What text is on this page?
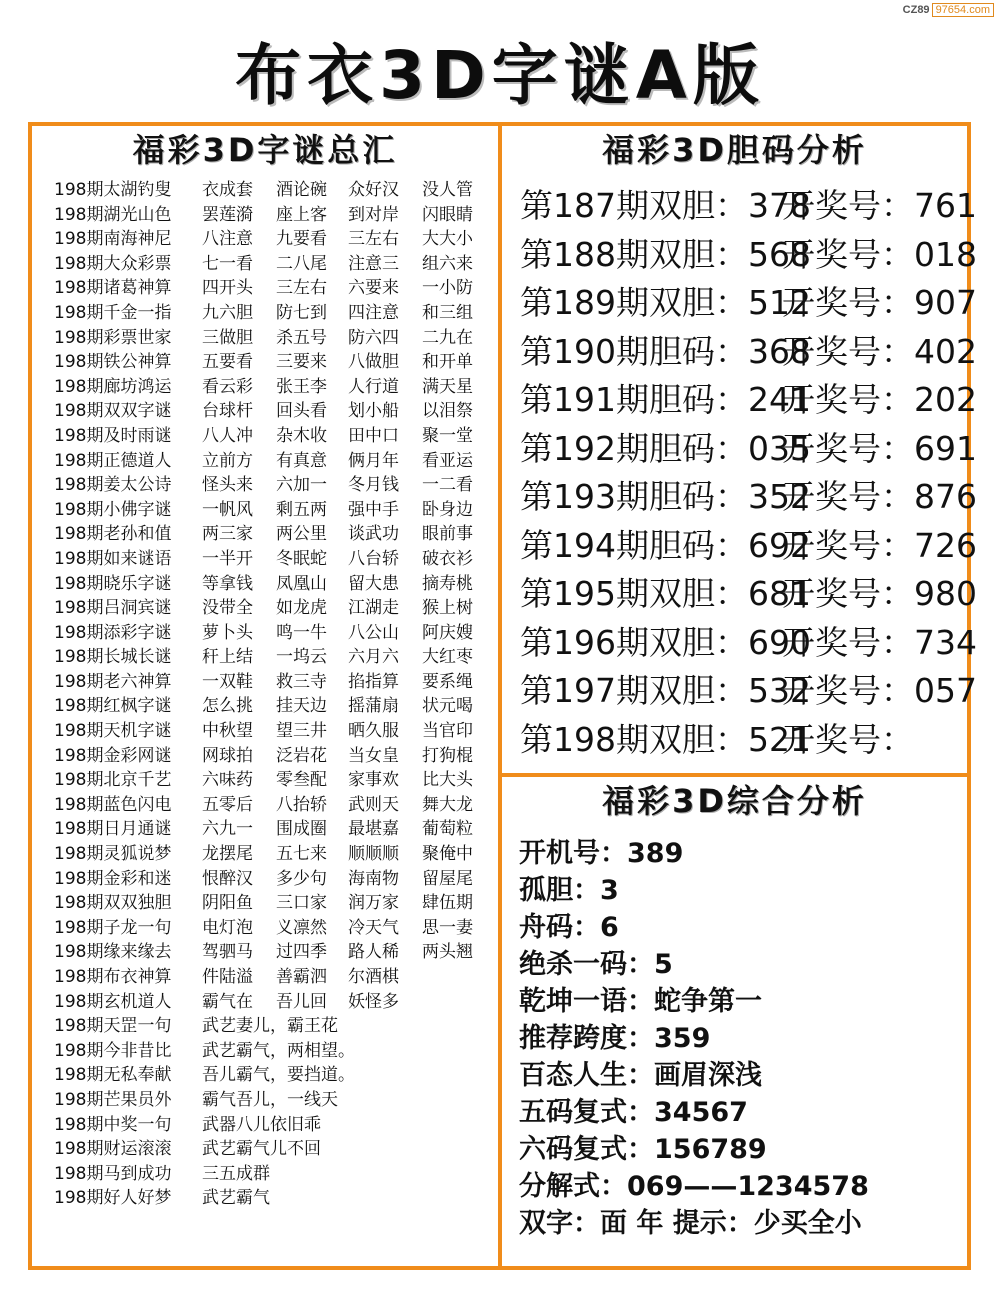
CZ89 97654.com
布衣3D字谜A版
福彩3D字谜总汇
198期太湖钓叟	衣成套	酒论碗	众好汉	没人管
198期湖光山色	罢莲漪	座上客	到对岸	闪眼睛
198期南海神尼	八注意	九要看	三左右	大大小
198期大众彩票	七一看	二八尾	注意三	组六来
198期诸葛神算	四开头	三左右	六要来	一小防
198期千金一指	九六胆	防七到	四注意	和三组
198期彩票世家	三做胆	杀五号	防六四	二九在
198期铁公神算	五要看	三要来	八做胆	和开单
198期廊坊鸿运	看云彩	张王李	人行道	满天星
198期双双字谜	台球杆	回头看	划小船	以泪祭
198期及时雨谜	八人冲	杂木收	田中口	聚一堂
198期正德道人	立前方	有真意	俩月年	看亚运
198期姜太公诗	怪头来	六加一	冬月钱	一二看
198期小佛字谜	一帆风	剩五两	强中手	卧身边
198期老孙和值	两三家	两公里	谈武功	眼前事
198期如来谜语	一半开	冬眠蛇	八台轿	破衣衫
198期晓乐字谜	等拿钱	凤凰山	留大患	摘寿桃
198期吕洞宾谜	没带全	如龙虎	江湖走	猴上树
198期添彩字谜	萝卜头	鸣一牛	八公山	阿庆嫂
198期长城长谜	秆上结	一坞云	六月六	大红枣
198期老六神算	一双鞋	救三寺	掐指算	要系绳
198期红枫字谜	怎么挑	挂天边	摇蒲扇	状元喝
198期天机字谜	中秋望	望三井	晒久服	当官印
198期金彩网谜	网球拍	泛岩花	当女皇	打狗棍
198期北京千艺	六味药	零叁配	家事欢	比大头
198期蓝色闪电	五零后	八抬轿	武则天	舞大龙
198期日月通谜	六九一	围成圈	最堪嘉	葡萄粒
198期灵狐说梦	龙摆尾	五七来	顺顺顺	聚俺中
198期金彩和迷	恨醉汉	多少句	海南物	留屋尾
198期双双独胆	阴阳鱼	三口家	润万家	肆伍期
198期子龙一句	电灯泡	义凛然	冷天气	思一妻
198期缘来缘去	驾驷马	过四季	路人稀	两头翘
198期布衣神算	件陆溢	善霸泗	尔酒棋
198期玄机道人	霸气在	吾儿回	妖怪多
198期天罡一句	武艺妻儿，霸王花
198期今非昔比	武艺霸气，两相望。
198期无私奉献	吾儿霸气，要挡道。
198期芒果员外	霸气吾儿，一线天
198期中奖一句	武器八儿依旧乖
198期财运滚滚	武艺霸气儿不回
198期马到成功	三五成群
198期好人好梦	武艺霸气
福彩3D胆码分析
第187期双胆：378开奖号：761
第188期双胆：568开奖号：018
第189期双胆：512开奖号：907
第190期胆码：368开奖号：402
第191期胆码：241开奖号：202
第192期胆码：035开奖号：691
第193期胆码：352开奖号：876
第194期胆码：692开奖号：726
第195期双胆：681开奖号：980
第196期双胆：690开奖号：734
第197期双胆：532开奖号：057
第198期双胆：521开奖号：
福彩3D综合分析
开机号：389
孤胆：3
舟码：6
绝杀一码：5
乾坤一语：蛇争第一
推荐跨度：359
百态人生：画眉深浅
五码复式：34567
六码复式：156789
分解式：069——1234578
双字：面 年 提示：少买全小
